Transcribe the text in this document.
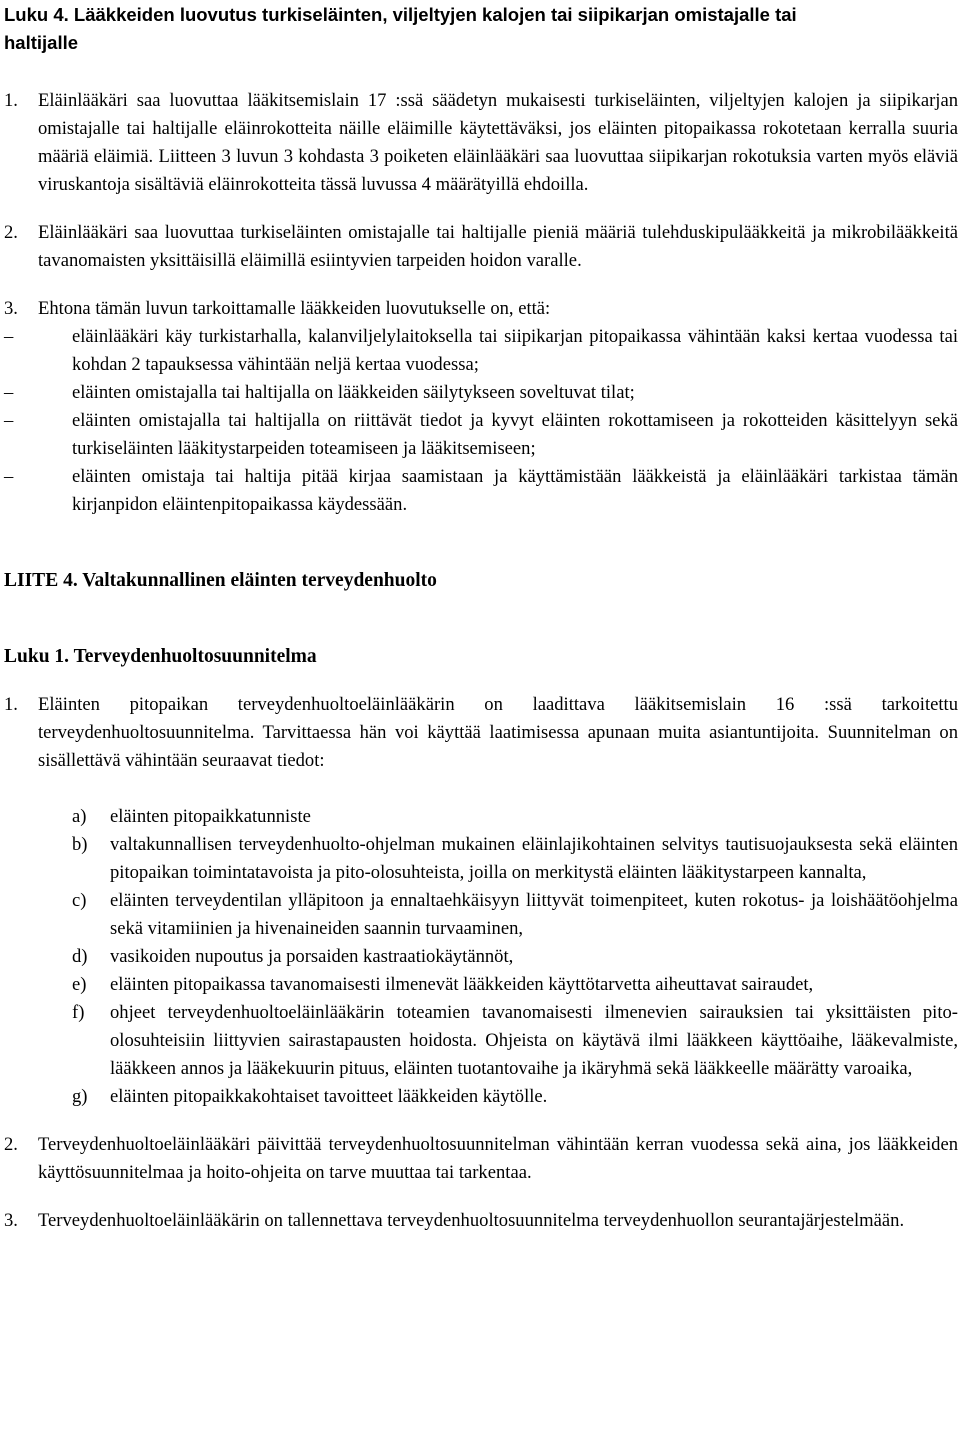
Luku 4. Lääkkeiden luovutus turkiseläinten, viljeltyjen kalojen tai siipikarjan omistajalle tai
haltijalle

1. Eläinlääkäri saa luovuttaa lääkitsemislain 17 :ssä säädetyn mukaisesti turkiseläinten, viljeltyjen kalojen ja siipikarjan omistajalle tai haltijalle eläinrokotteita näille eläimille käytettäväksi, jos eläinten pitopaikassa rokotetaan kerralla suuria määriä eläimiä. Liitteen 3 luvun 3 kohdasta 3 poiketen eläinlääkäri saa luovuttaa siipikarjan rokotuksia varten myös eläviä viruskantoja sisältäviä eläinrokotteita tässä luvussa 4 määrätyillä ehdoilla.

2. Eläinlääkäri saa luovuttaa turkiseläinten omistajalle tai haltijalle pieniä määriä tulehduskipulääkkeitä ja mikrobilääkkeitä tavanomaisten yksittäisillä eläimillä esiintyvien tarpeiden hoidon varalle.

3. Ehtona tämän luvun tarkoittamalle lääkkeiden luovutukselle on, että:

–	eläinlääkäri käy turkistarhalla, kalanviljelylaitoksella tai siipikarjan pitopaikassa vähintään kaksi kertaa vuodessa tai kohdan 2 tapauksessa vähintään neljä kertaa vuodessa;
–	eläinten omistajalla tai haltijalla on lääkkeiden säilytykseen soveltuvat tilat;
–	eläinten omistajalla tai haltijalla on riittävät tiedot ja kyvyt eläinten rokottamiseen ja rokotteiden käsittelyyn sekä turkiseläinten lääkitystarpeiden toteamiseen ja lääkitsemiseen;
–	eläinten omistaja tai haltija pitää kirjaa saamistaan ja käyttämistään lääkkeistä ja eläinlääkäri tarkistaa tämän kirjanpidon eläintenpitopaikassa käydessään.
LIITE 4. Valtakunnallinen eläinten terveydenhuolto
Luku 1. Terveydenhuoltosuunnitelma

1. Eläinten pitopaikan terveydenhuoltoeläinlääkärin on laadittava lääkitsemislain 16 :ssä tarkoitettu terveydenhuoltosuunnitelma. Tarvittaessa hän voi käyttää laatimisessa apunaan muita asiantuntijoita. Suunnitelman on sisällettävä vähintään seuraavat tiedot:

a) eläinten pitopaikkatunniste
b) valtakunnallisen terveydenhuolto-ohjelman mukainen eläinlajikohtainen selvitys tautisuojauksesta sekä eläinten pitopaikan toimintatavoista ja pito-olosuhteista, joilla on merkitystä eläinten lääkitystarpeen kannalta,
c) eläinten terveydentilan ylläpitoon ja ennaltaehkäisyyn liittyvät toimenpiteet, kuten rokotus- ja loishäätöohjelma sekä vitamiinien ja hivenaineiden saannin turvaaminen,
d) vasikoiden nupoutus ja porsaiden kastraatiokäytännöt,
e) eläinten pitopaikassa tavanomaisesti ilmenevät lääkkeiden käyttötarvetta aiheuttavat sairaudet,
f) ohjeet terveydenhuoltoeläinlääkärin toteamien tavanomaisesti ilmenevien sairauksien tai yksittäisten pito-olosuhteisiin liittyvien sairastapausten hoidosta. Ohjeista on käytävä ilmi lääkkeen käyttöaihe, lääkevalmiste, lääkkeen annos ja lääkekuurin pituus, eläinten tuotantovaihe ja ikäryhmä sekä lääkkeelle määrätty varoaika,
g) eläinten pitopaikkakohtaiset tavoitteet lääkkeiden käytölle.

2. Terveydenhuoltoeläinlääkäri päivittää terveydenhuoltosuunnitelman vähintään kerran vuodessa sekä aina, jos lääkkeiden käyttösuunnitelmaa ja hoito-ohjeita on tarve muuttaa tai tarkentaa.

3. Terveydenhuoltoeläinlääkärin on tallennettava terveydenhuoltosuunnitelma terveydenhuollon seurantajärjestelmään.
